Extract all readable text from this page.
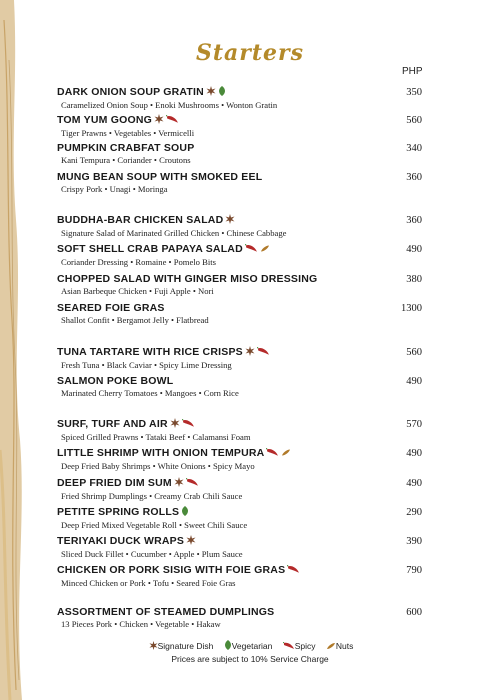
Starters
PHP
DARK ONION SOUP GRATIN
Caramelized Onion Soup • Enoki Mushrooms • Wonton Gratin
350
TOM YUM GOONG
Tiger Prawns • Vegetables • Vermicelli
560
PUMPKIN CRABFAT SOUP
Kani Tempura • Coriander • Croutons
340
MUNG BEAN SOUP WITH SMOKED EEL
Crispy Pork • Unagi • Moringa
360
BUDDHA-BAR CHICKEN SALAD
Signature Salad of Marinated Grilled Chicken • Chinese Cabbage
360
SOFT SHELL CRAB PAPAYA SALAD
Coriander Dressing • Romaine • Pomelo Bits
490
CHOPPED SALAD WITH GINGER MISO DRESSING
Asian Barbeque Chicken • Fuji Apple • Nori
380
SEARED FOIE GRAS
Shallot Confit • Bergamot Jelly • Flatbread
1300
TUNA TARTARE WITH RICE CRISPS
Fresh Tuna • Black Caviar • Spicy Lime Dressing
560
SALMON POKE BOWL
Marinated Cherry Tomatoes • Mangoes • Corn Rice
490
SURF, TURF AND AIR
Spiced Grilled Prawns • Tataki Beef • Calamansi Foam
570
LITTLE SHRIMP WITH ONION TEMPURA
Deep Fried Baby Shrimps • White Onions • Spicy Mayo
490
DEEP FRIED DIM SUM
Fried Shrimp Dumplings • Creamy Crab Chili Sauce
490
PETITE SPRING ROLLS
Deep Fried Mixed Vegetable Roll • Sweet Chili Sauce
290
TERIYAKI DUCK WRAPS
Sliced Duck Fillet • Cucumber • Apple • Plum Sauce
390
CHICKEN OR PORK SISIG WITH FOIE GRAS
Minced Chicken or Pork • Tofu • Seared Foie Gras
790
ASSORTMENT OF STEAMED DUMPLINGS
13 Pieces Pork • Chicken • Vegetable • Hakaw
600
Signature Dish Vegetarian	Spicy Nuts
Prices are subject to 10% Service Charge
